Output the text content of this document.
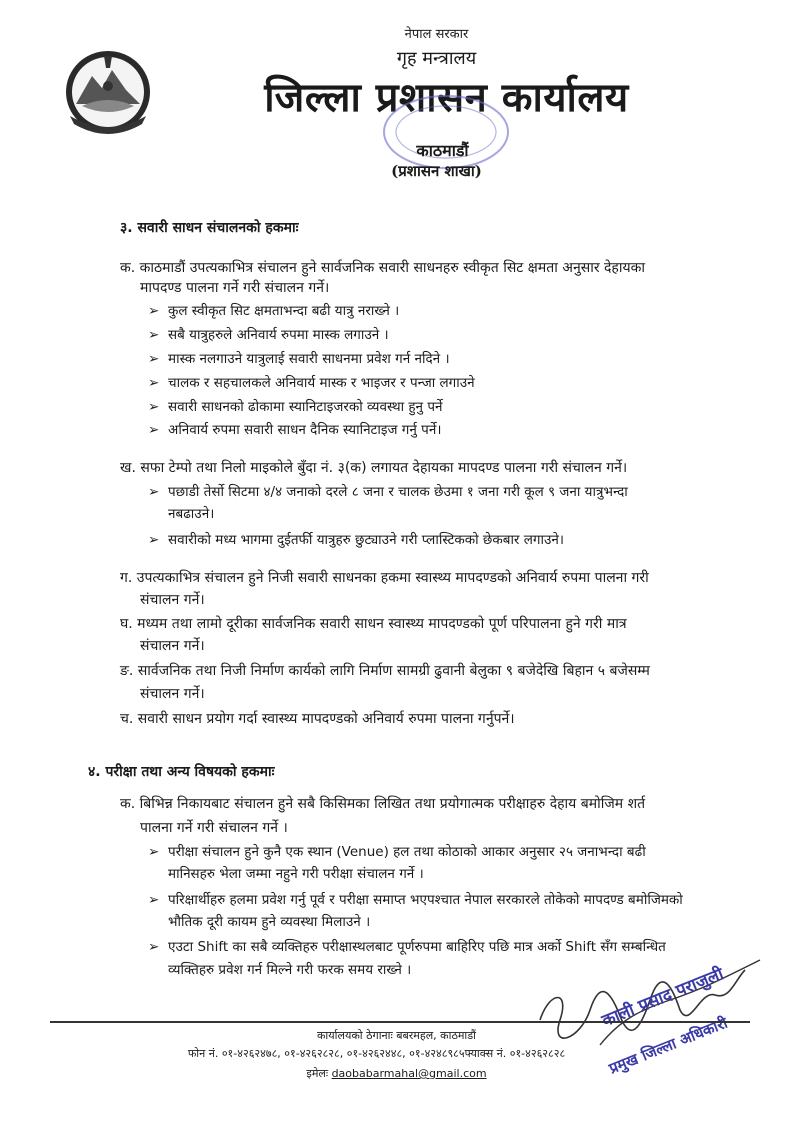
नेपाल सरकार
गृह मन्त्रालय
जिल्ला प्रशासन कार्यालय
काठमाडौं
(प्रशासन शाखा)
३. सवारी साधन संचालनको हकमाः
क. काठमाडौं उपत्यकाभित्र संचालन हुने सार्वजनिक सवारी साधनहरु स्वीकृत सिट क्षमता अनुसार देहायका
मापदण्ड पालना गर्ने गरी संचालन गर्ने।
➢ कुल स्वीकृत सिट क्षमताभन्दा बढी यात्रु नराख्ने ।
➢ सबै यात्रुहरुले अनिवार्य रुपमा मास्क लगाउने ।
➢ मास्क नलगाउने यात्रुलाई सवारी साधनमा प्रवेश गर्न नदिने ।
➢ चालक र सहचालकले अनिवार्य मास्क र भाइजर र पन्जा लगाउने
➢ सवारी साधनको ढोकामा स्यानिटाइजरको व्यवस्था हुनु पर्ने
➢ अनिवार्य रुपमा सवारी साधन दैनिक स्यानिटाइज गर्नु पर्ने।
ख. सफा टेम्पो तथा निलो माइकोले बुँदा नं. ३(क) लगायत देहायका मापदण्ड पालना गरी संचालन गर्ने।
➢ पछाडी तेर्सो सिटमा ४/४ जनाको दरले ८ जना र चालक छेउमा १ जना गरी कूल ९ जना यात्रुभन्दा
नबढाउने।
➢ सवारीको मध्य भागमा दुईतर्फी यात्रुहरु छुट्याउने गरी प्लास्टिकको छेकबार लगाउने।
ग. उपत्यकाभित्र संचालन हुने निजी सवारी साधनका हकमा स्वास्थ्य मापदण्डको अनिवार्य रुपमा पालना गरी
संचालन गर्ने।
घ. मध्यम तथा लामो दूरीका सार्वजनिक सवारी साधन स्वास्थ्य मापदण्डको पूर्ण परिपालना हुने गरी मात्र
संचालन गर्ने।
ङ. सार्वजनिक तथा निजी निर्माण कार्यको लागि निर्माण सामग्री ढुवानी बेलुका ९ बजेदेखि बिहान ५ बजेसम्म
संचालन गर्ने।
च. सवारी साधन प्रयोग गर्दा स्वास्थ्य मापदण्डको अनिवार्य रुपमा पालना गर्नुपर्ने।
४. परीक्षा तथा अन्य विषयको हकमाः
क. बिभिन्न निकायबाट संचालन हुने सबै किसिमका लिखित तथा प्रयोगात्मक परीक्षाहरु देहाय बमोजिम शर्त
पालना गर्ने गरी संचालन गर्ने ।
➢ परीक्षा संचालन हुने कुनै एक स्थान (Venue) हल तथा कोठाको आकार अनुसार २५ जनाभन्दा बढी
मानिसहरु भेला जम्मा नहुने गरी परीक्षा संचालन गर्ने ।
➢ परिक्षार्थीहरु हलमा प्रवेश गर्नु पूर्व र परीक्षा समाप्त भएपश्चात नेपाल सरकारले तोकेको मापदण्ड बमोजिमको
भौतिक दूरी कायम हुने व्यवस्था मिलाउने ।
➢ एउटा Shift का सबै व्यक्तिहरु परीक्षास्थलबाट पूर्णरुपमा बाहिरिए पछि मात्र अर्को Shift सँग सम्बन्धित
व्यक्तिहरु प्रवेश गर्न मिल्ने गरी फरक समय राख्ने ।	काली प्रसाद पराजुली
प्रमुख जिल्ला अधिकारी
कार्यालयको ठेगानाः बबरमहल, काठमाडौं
फोन नं. ०१-४२६२४७८, ०१-४२६२८२८, ०१-४२६२४४८, ०१-४२४८९८५फ्याक्स नं. ०१-४२६२८२८
इमेलः daobabarmahal@gmail.com
